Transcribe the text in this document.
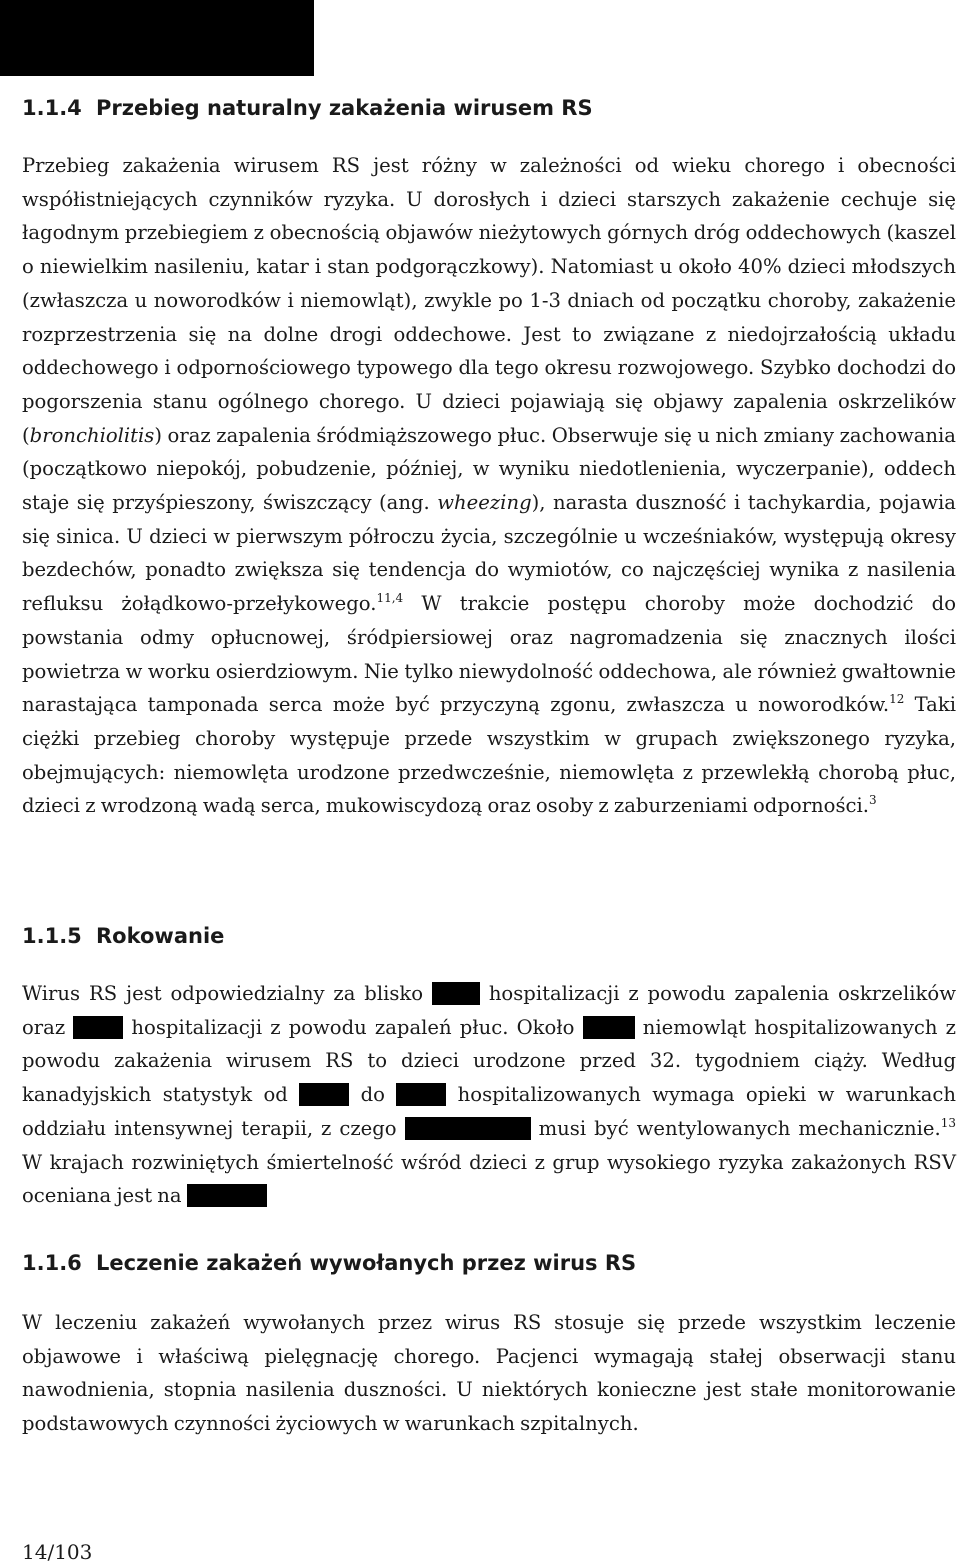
1.1.4 Przebieg naturalny zakażenia wirusem RS

Przebieg zakażenia wirusem RS jest różny w zależności od wieku chorego i obecności współistniejących czynników ryzyka. U dorosłych i dzieci starszych zakażenie cechuje się łagodnym przebiegiem z obecnością objawów nieżytowych górnych dróg oddechowych (kaszel o niewielkim nasileniu, katar i stan podgorączkowy). Natomiast u około 40% dzieci młodszych (zwłaszcza u noworodków i niemowląt), zwykle po 1-3 dniach od początku choroby, zakażenie rozprzestrzenia się na dolne drogi oddechowe. Jest to związane z niedojrzałością układu oddechowego i odpornościowego typowego dla tego okresu rozwojowego. Szybko dochodzi do pogorszenia stanu ogólnego chorego. U dzieci pojawiają się objawy zapalenia oskrzelików (bronchiolitis) oraz zapalenia śródmiąższowego płuc. Obserwuje się u nich zmiany zachowania (początkowo niepokój, pobudzenie, później, w wyniku niedotlenienia, wyczerpanie), oddech staje się przyśpieszony, świszczący (ang. wheezing), narasta duszność i tachykardia, pojawia się sinica. U dzieci w pierwszym półroczu życia, szczególnie u wcześniaków, występują okresy bezdechów, ponadto zwiększa się tendencja do wymiotów, co najczęściej wynika z nasilenia refluksu żołądkowo-przełykowego.$^{11,4}$ W trakcie postępu choroby może dochodzić do powstania odmy opłucnowej, śródpiersiowej oraz nagromadzenia się znacznych ilości powietrza w worku osierdziowym. Nie tylko niewydolność oddechowa, ale również gwałtownie narastająca tamponada serca może być przyczyną zgonu, zwłaszcza u noworodków.$^{12}$ Taki ciężki przebieg choroby występuje przede wszystkim w grupach zwiększonego ryzyka, obejmujących: niemowlęta urodzone przedwcześnie, niemowlęta z przewlekłą chorobą płuc, dzieci z wrodzoną wadą serca, mukowiscydozą oraz osoby z zaburzeniami odporności.$^3$

1.1.5 Rokowanie

Wirus RS jest odpowiedzialny za blisko  hospitalizacji z powodu zapalenia oskrzelików oraz	hospitalizacji z powodu zapaleń płuc. Około	niemowląt hospitalizowanych z powodu zakażenia wirusem RS to dzieci urodzone przed 32. tygodniem ciąży. Według kanadyjskich statystyk od	do	hospitalizowanych wymaga opieki w warunkach oddziału intensywnej terapii, z czego	musi być wentylowanych mechanicznie.$^{13}$ W krajach rozwiniętych śmiertelność wśród dzieci z grup wysokiego ryzyka zakażonych RSV oceniana jest na

1.1.6 Leczenie zakażeń wywołanych przez wirus RS

W leczeniu zakażeń wywołanych przez wirus RS stosuje się przede wszystkim leczenie objawowe i właściwą pielęgnację chorego. Pacjenci wymagają stałej obserwacji stanu nawodnienia, stopnia nasilenia duszności. U niektórych konieczne jest stałe monitorowanie podstawowych czynności życiowych w warunkach szpitalnych.

14/103
